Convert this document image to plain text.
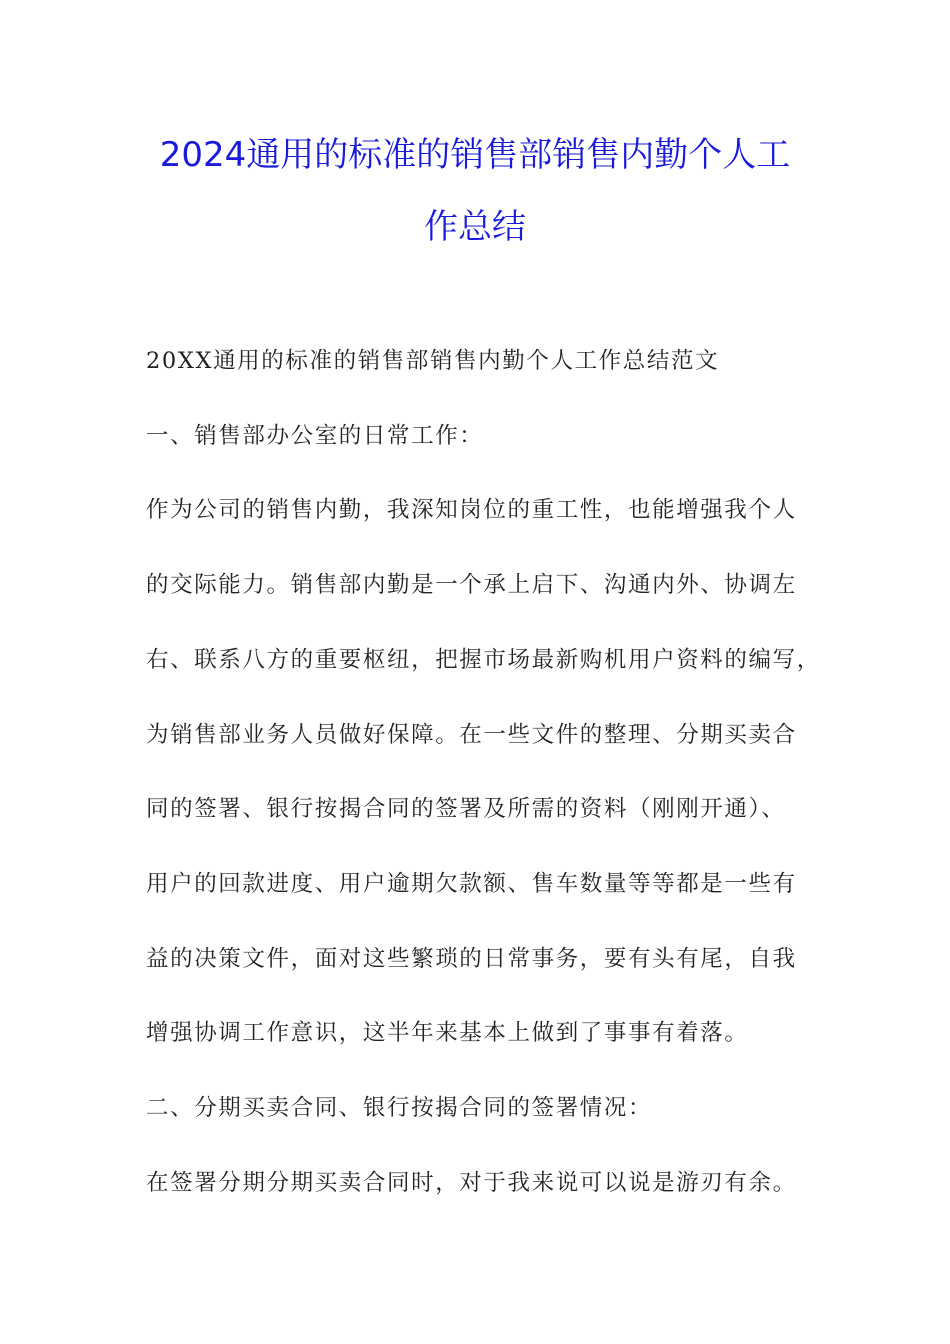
2024通用的标准的销售部销售内勤个人工
作总结
20XX通用的标准的销售部销售内勤个人工作总结范文
一、销售部办公室的日常工作：
作为公司的销售内勤，我深知岗位的重工性，也能增强我个人
的交际能力。销售部内勤是一个承上启下、沟通内外、协调左
右、联系八方的重要枢纽，把握市场最新购机用户资料的编写，
为销售部业务人员做好保障。在一些文件的整理、分期买卖合
同的签署、银行按揭合同的签署及所需的资料（刚刚开通）、
用户的回款进度、用户逾期欠款额、售车数量等等都是一些有
益的决策文件，面对这些繁琐的日常事务，要有头有尾，自我
增强协调工作意识，这半年来基本上做到了事事有着落。
二、分期买卖合同、银行按揭合同的签署情况：
在签署分期分期买卖合同时，对于我来说可以说是游刃有余。
